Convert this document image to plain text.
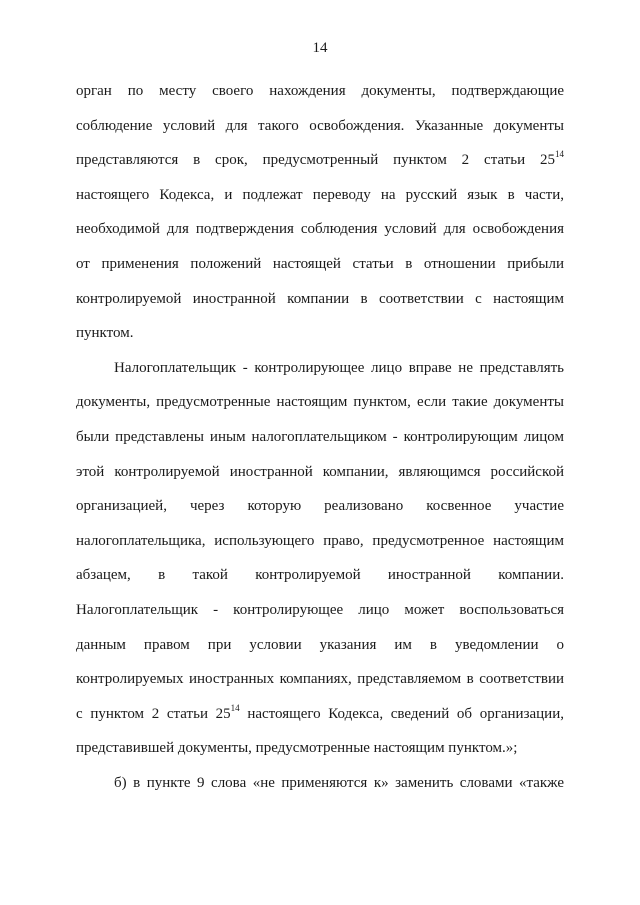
14
орган по месту своего нахождения документы, подтверждающие
соблюдение условий для такого освобождения. Указанные документы
представляются в срок, предусмотренный пунктом 2 статьи 25$^{14}$
настоящего Кодекса, и подлежат переводу на русский язык в части,
необходимой для подтверждения соблюдения условий для освобождения
от применения положений настоящей статьи в отношении прибыли
контролируемой иностранной компании в соответствии с настоящим
пунктом.
Налогоплательщик - контролирующее лицо вправе не представлять
документы, предусмотренные настоящим пунктом, если такие документы
были представлены иным налогоплательщиком - контролирующим лицом
этой контролируемой иностранной компании, являющимся российской
организацией, через которую реализовано косвенное участие
налогоплательщика, использующего право, предусмотренное настоящим
абзацем, в такой контролируемой иностранной компании.
Налогоплательщик - контролирующее лицо может воспользоваться
данным правом при условии указания им в уведомлении о
контролируемых иностранных компаниях, представляемом в соответствии
с пунктом 2 статьи 25$^{14}$ настоящего Кодекса, сведений об организации,
представившей документы, предусмотренные настоящим пунктом.»;
б) в пункте 9 слова «не применяются к» заменить словами «также
